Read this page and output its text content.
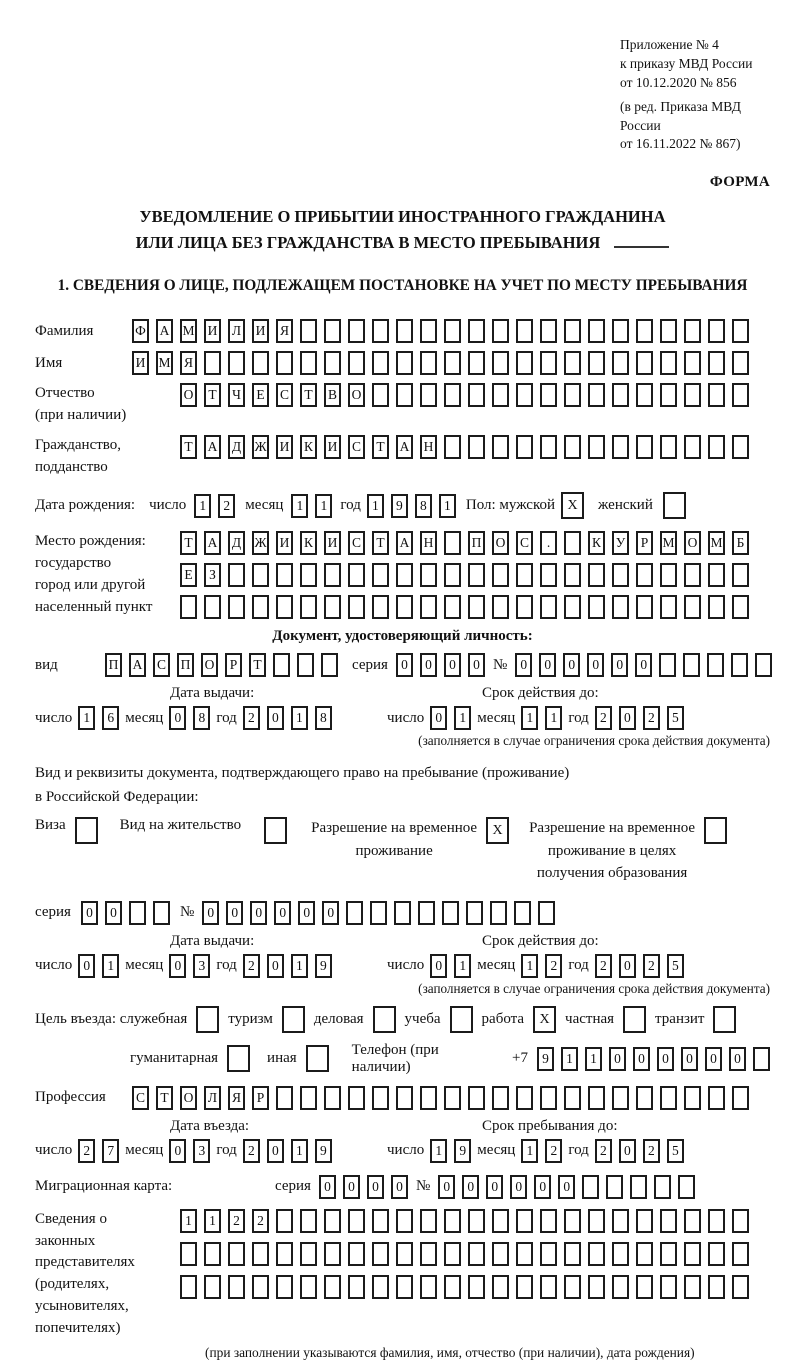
Приложение № 4
к приказу МВД России
от 10.12.2020 № 856
(в ред. Приказа МВД России
от 16.11.2022 № 867)
ФОРМА
УВЕДОМЛЕНИЕ О ПРИБЫТИИ ИНОСТРАННОГО ГРАЖДАНИНА
ИЛИ ЛИЦА БЕЗ ГРАЖДАНСТВА В МЕСТО ПРЕБЫВАНИЯ
1. СВЕДЕНИЯ О ЛИЦЕ, ПОДЛЕЖАЩЕМ ПОСТАНОВКЕ НА УЧЕТ ПО МЕСТУ ПРЕБЫВАНИЯ
Фамилия	Ф А М И Л И Я
Имя	И М Я
Отчество
(при наличии)
О	Т	Ч	Е	С	Т	В О
Гражданство,
подданство
Т	А Д Ж И К И С	Т	А Н
Дата рождения: число 1	2	месяц 1	1 год 1	9	8	1	Пол: мужской X	женский
Место рождения:
государство
город или другой
населенный пункт
Т	А Д Ж И К И С	Т	А Н	П О С	.	К У	Р	М О М	Б
Е	З
Документ, удостоверяющий личность:
вид	П А С П О	Р	Т	серия 0	0	0	0 № 0	0	0	0	0	0
Дата выдачи:
число 1	6 месяц 0	8 год 2	0	1	8
Срок действия до:
число 0	1 месяц 1	1 год 2	0	2	5
(заполняется в случае ограничения срока действия документа)
Вид и реквизиты документа, подтверждающего право на пребывание (проживание)
в Российской Федерации:
Виза	Вид на жительство	Разрешение на временное
проживание
X	Разрешение на временное
проживание в целях
получения образования
серия	0	0	№ 0	0	0	0	0	0
Дата выдачи:
число 0	1 месяц 0	3 год 2	0	1	9
Срок действия до:
число 0	1 месяц 1	2 год 2	0	2	5
(заполняется в случае ограничения срока действия документа)
Цель въезда: служебная	туризм	деловая	учеба	работа	X	частная	транзит
гуманитарная	иная
Телефон (при наличии)
+7	9	1	1	0	0	0	0	0	0
Профессия	С	Т	О Л Я	Р
Дата въезда:
число 2	7 месяц 0	3 год 2	0	1	9
Срок пребывания до:
число 1	9 месяц 1	2 год 2	0	2	5
Миграционная карта:	серия 0	0	0	0 № 0	0	0	0	0	0
Сведения о
законных
представителях
(родителях,
усыновителях,
попечителях)
1	1	2	2
(при заполнении указываются фамилия, имя, отчество (при наличии), дата рождения)
